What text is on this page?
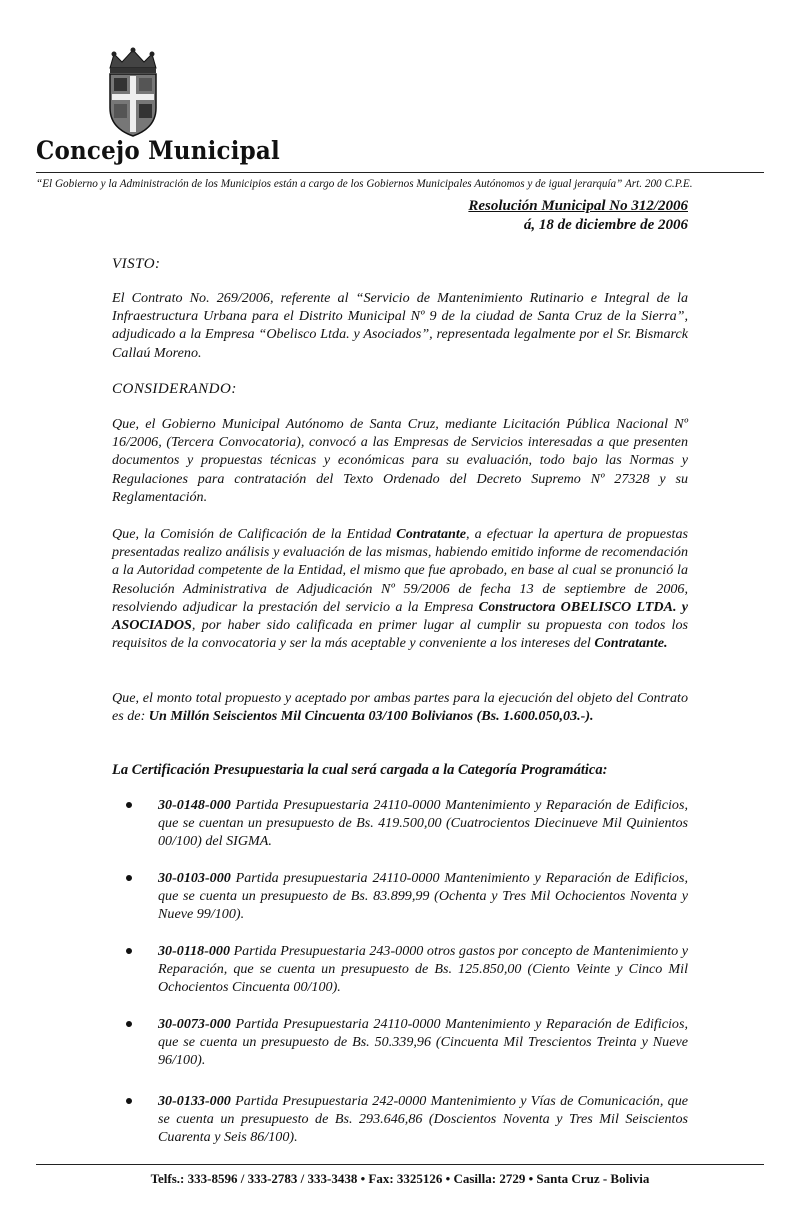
Concejo Municipal
“El Gobierno y la Administración de los Municipios están a cargo de los Gobiernos Municipales Autónomos y de igual jerarquía” Art. 200 C.P.E.
Resolución Municipal No 312/2006
á, 18 de diciembre de 2006
VISTO:
El Contrato No. 269/2006, referente al “Servicio de Mantenimiento Rutinario e Integral de la Infraestructura Urbana para el Distrito Municipal Nº 9 de la ciudad de Santa Cruz de la Sierra”, adjudicado a la Empresa “Obelisco Ltda. y Asociados”, representada legalmente por el Sr. Bismarck Callaú Moreno.
CONSIDERANDO:
Que, el Gobierno Municipal Autónomo de Santa Cruz, mediante Licitación Pública Nacional Nº 16/2006, (Tercera Convocatoria), convocó a las Empresas de Servicios interesadas a que presenten documentos y propuestas técnicas y económicas para su evaluación, todo bajo las Normas y Regulaciones para contratación del Texto Ordenado del Decreto Supremo Nº 27328 y su Reglamentación.
Que, la Comisión de Calificación de la Entidad Contratante, a efectuar la apertura de propuestas presentadas realizo análisis y evaluación de las mismas, habiendo emitido informe de recomendación a la Autoridad competente de la Entidad, el mismo que fue aprobado, en base al cual se pronunció la Resolución Administrativa de Adjudicación Nº 59/2006 de fecha 13 de septiembre de 2006, resolviendo adjudicar la prestación del servicio a la Empresa Constructora OBELISCO LTDA. y ASOCIADOS, por haber sido calificada en primer lugar al cumplir su propuesta con todos los requisitos de la convocatoria y ser la más aceptable y conveniente a los intereses del Contratante.
Que, el monto total propuesto y aceptado por ambas partes para la ejecución del objeto del Contrato es de: Un Millón Seiscientos Mil Cincuenta 03/100 Bolivianos (Bs. 1.600.050,03.-).
La Certificación Presupuestaria la cual será cargada a la Categoría Programática:
30-0148-000 Partida Presupuestaria 24110-0000 Mantenimiento y Reparación de Edificios, que se cuentan un presupuesto de Bs. 419.500,00 (Cuatrocientos Diecinueve Mil Quinientos 00/100) del SIGMA.
30-0103-000 Partida presupuestaria 24110-0000 Mantenimiento y Reparación de Edificios, que se cuenta un presupuesto de Bs. 83.899,99 (Ochenta y Tres Mil Ochocientos Noventa y Nueve 99/100).
30-0118-000 Partida Presupuestaria 243-0000 otros gastos por concepto de Mantenimiento y Reparación, que se cuenta un presupuesto de Bs. 125.850,00 (Ciento Veinte y Cinco Mil Ochocientos Cincuenta 00/100).
30-0073-000 Partida Presupuestaria 24110-0000 Mantenimiento y Reparación de Edificios, que se cuenta un presupuesto de Bs. 50.339,96 (Cincuenta Mil Trescientos Treinta y Nueve 96/100).
30-0133-000 Partida Presupuestaria 242-0000 Mantenimiento y Vías de Comunicación, que se cuenta un presupuesto de Bs. 293.646,86 (Doscientos Noventa y Tres Mil Seiscientos Cuarenta y Seis 86/100).
Telfs.: 333-8596 / 333-2783 / 333-3438 • Fax: 3325126 • Casilla: 2729 • Santa Cruz - Bolivia
